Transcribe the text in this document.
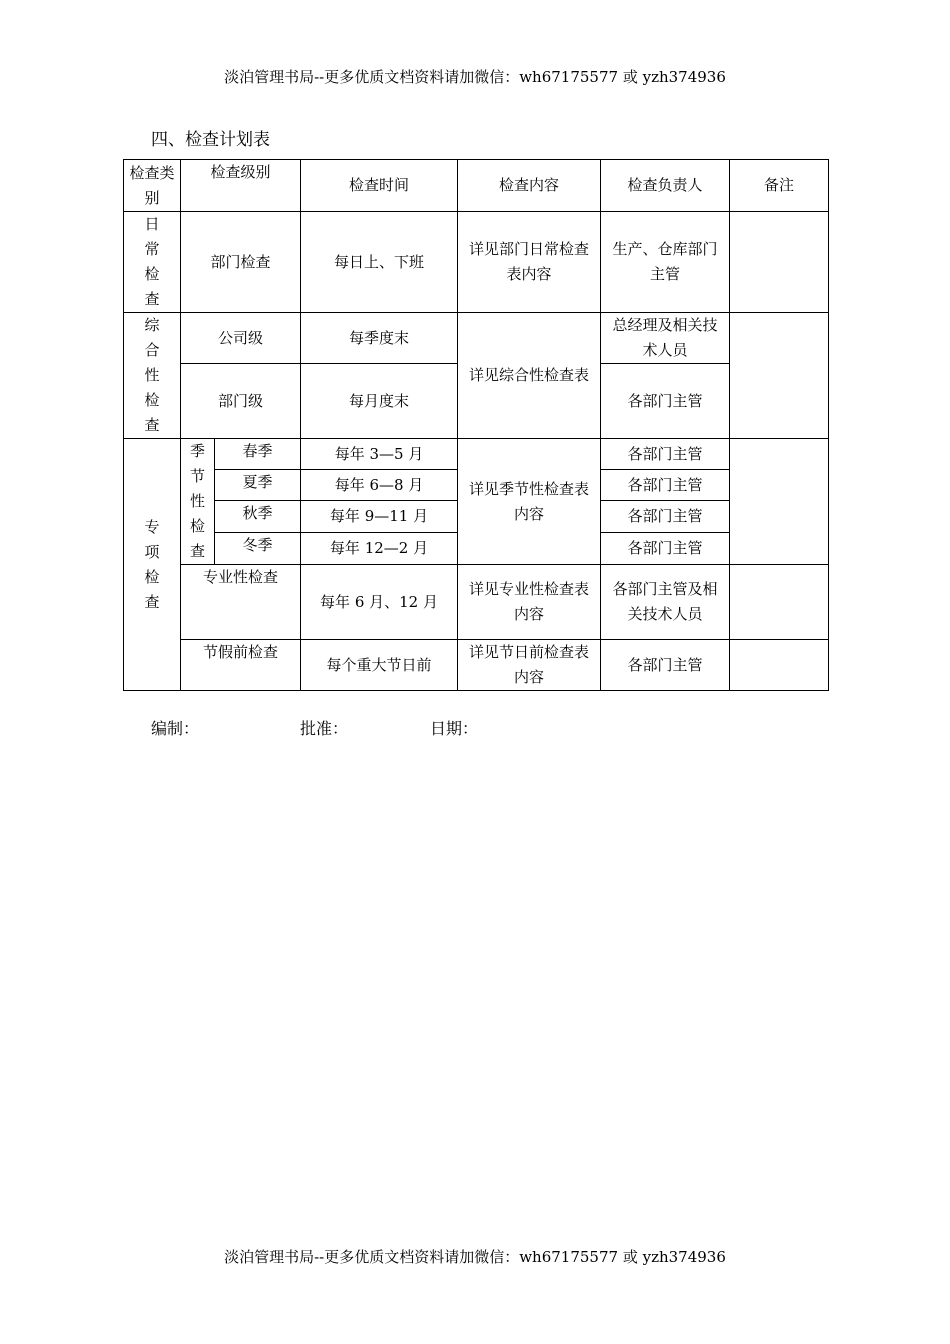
淡泊管理书局--更多优质文档资料请加微信：wh67175577 或 yzh374936
四、检查计划表
检查类别	检查级别		检查时间	检查内容	检查负责人	备注
日常检查	部门检查		每日上、下班	详见部门日常检查表内容	生产、仓库部门主管	
综合性检查	公司级		每季度末	详见综合性检查表	总经理及相关技术人员	
	部门级		每月度末		各部门主管	
专项检查	季节性检查	春季	每年 3—5 月	详见季节性检查表内容	各部门主管	
		夏季	每年 6—8 月		各部门主管	
		秋季	每年 9—11 月		各部门主管	
		冬季	每年 12—2 月		各部门主管	
	专业性检查		每年 6 月、12 月	详见专业性检查表内容	各部门主管及相关技术人员	
	节假前检查		每个重大节日前	详见节日前检查表内容	各部门主管	
编制：	批准：	日期：
淡泊管理书局--更多优质文档资料请加微信：wh67175577 或 yzh374936
